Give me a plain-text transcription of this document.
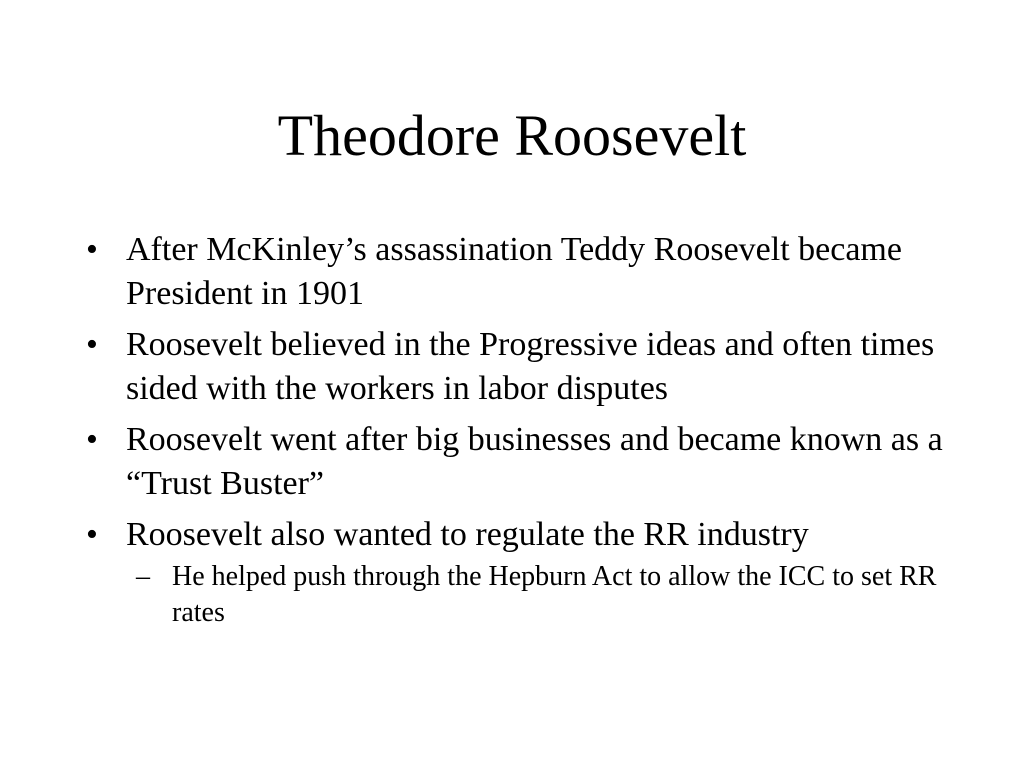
Theodore Roosevelt
• After McKinley’s assassination Teddy Roosevelt became President in 1901
• Roosevelt believed in the Progressive ideas and often times sided with the workers in labor disputes
• Roosevelt went after big businesses and became known as a “Trust Buster”
• Roosevelt also wanted to regulate the RR industry
– He helped push through the Hepburn Act to allow the ICC to set RR rates
